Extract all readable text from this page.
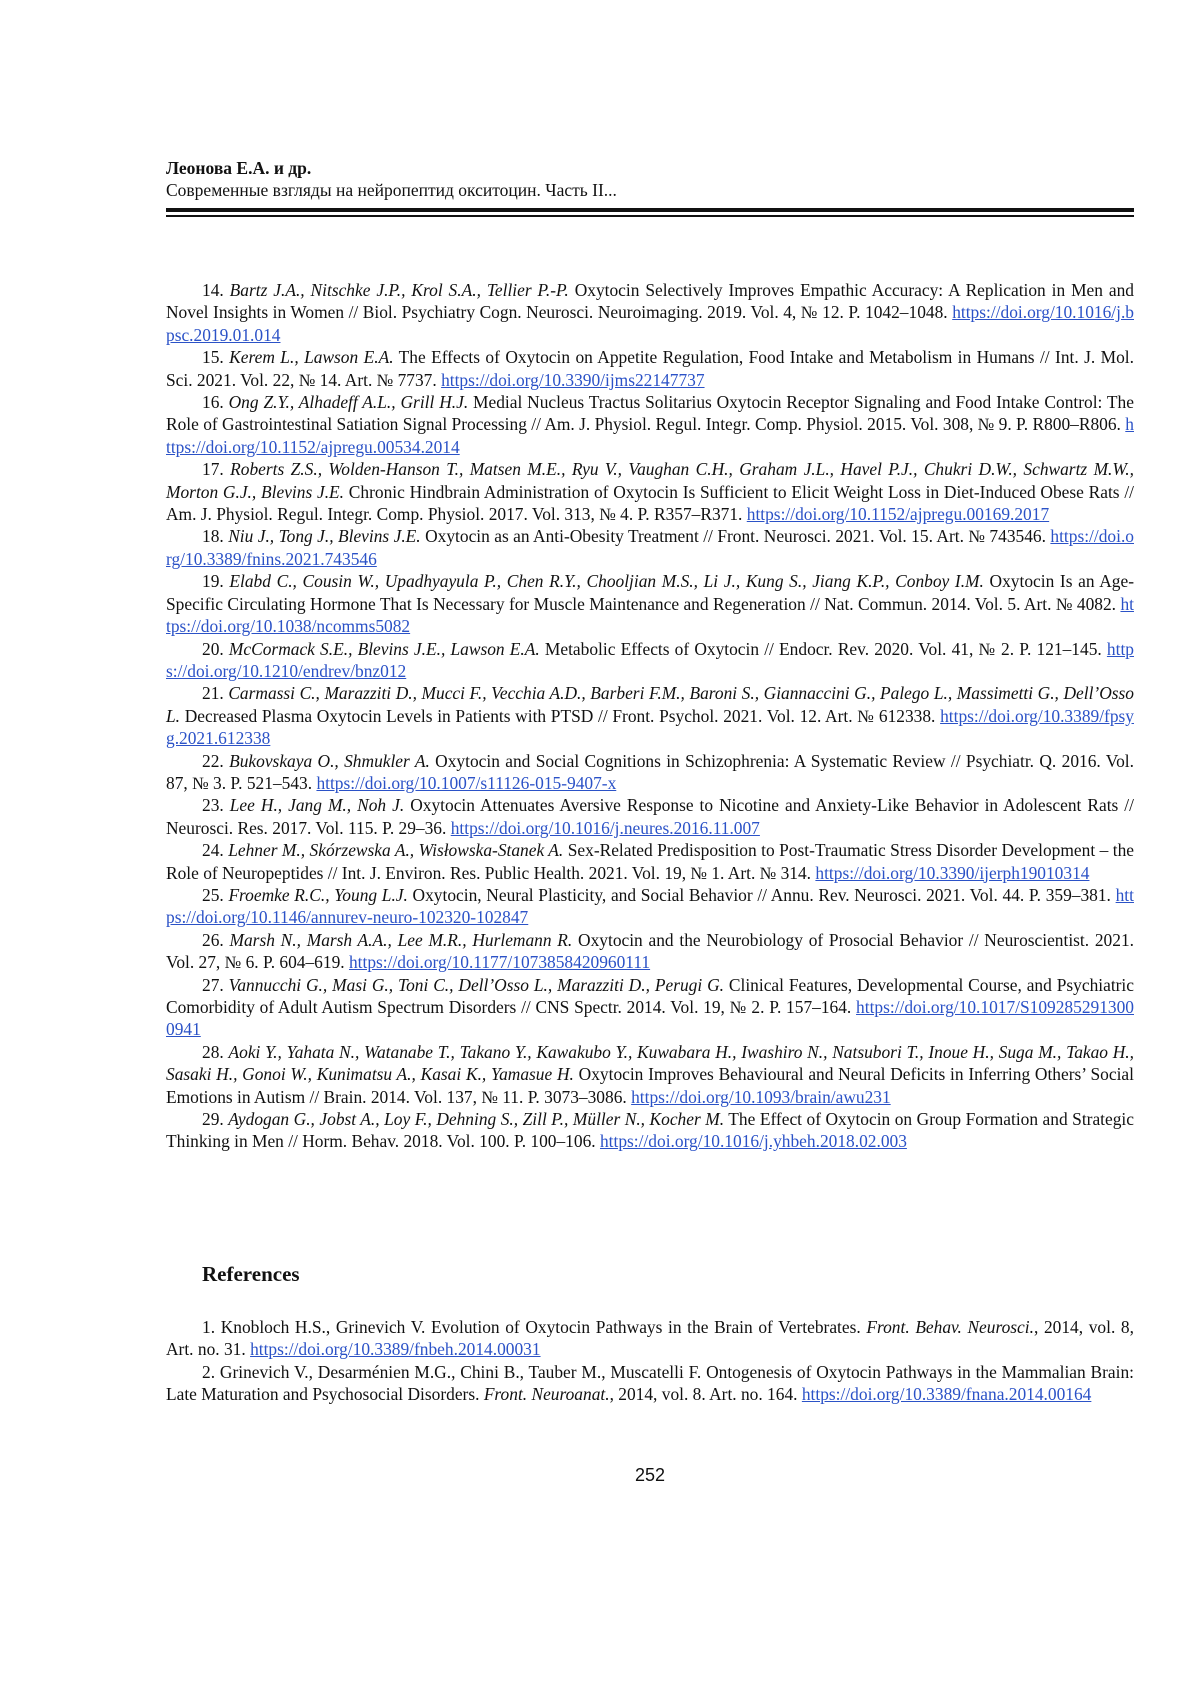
Леонова Е.А. и др.
Современные взгляды на нейропептид окситоцин. Часть II...

14. Bartz J.A., Nitschke J.P., Krol S.A., Tellier P.-P. Oxytocin Selectively Improves Empathic Accuracy: A Replication in Men and Novel Insights in Women // Biol. Psychiatry Cogn. Neurosci. Neuroimaging. 2019. Vol. 4, № 12. P. 1042–1048. https://doi.org/10.1016/j.bpsc.2019.01.014

15. Kerem L., Lawson E.A. The Effects of Oxytocin on Appetite Regulation, Food Intake and Metabolism in Humans // Int. J. Mol. Sci. 2021. Vol. 22, № 14. Art. № 7737. https://doi.org/10.3390/ijms22147737

16. Ong Z.Y., Alhadeff A.L., Grill H.J. Medial Nucleus Tractus Solitarius Oxytocin Receptor Signaling and Food Intake Control: The Role of Gastrointestinal Satiation Signal Processing // Am. J. Physiol. Regul. Integr. Comp. Physiol. 2015. Vol. 308, № 9. P. R800–R806. https://doi.org/10.1152/ajpregu.00534.2014

17. Roberts Z.S., Wolden-Hanson T., Matsen M.E., Ryu V., Vaughan C.H., Graham J.L., Havel P.J., Chukri D.W., Schwartz M.W., Morton G.J., Blevins J.E. Chronic Hindbrain Administration of Oxytocin Is Sufficient to Elicit Weight Loss in Diet-Induced Obese Rats // Am. J. Physiol. Regul. Integr. Comp. Physiol. 2017. Vol. 313, № 4. P. R357–R371. https://doi.org/10.1152/ajpregu.00169.2017

18. Niu J., Tong J., Blevins J.E. Oxytocin as an Anti-Obesity Treatment // Front. Neurosci. 2021. Vol. 15. Art. № 743546. https://doi.org/10.3389/fnins.2021.743546

19. Elabd C., Cousin W., Upadhyayula P., Chen R.Y., Chooljian M.S., Li J., Kung S., Jiang K.P., Conboy I.M. Oxytocin Is an Age-Specific Circulating Hormone That Is Necessary for Muscle Maintenance and Regeneration // Nat. Commun. 2014. Vol. 5. Art. № 4082. https://doi.org/10.1038/ncomms5082

20. McCormack S.E., Blevins J.E., Lawson E.A. Metabolic Effects of Oxytocin // Endocr. Rev. 2020. Vol. 41, № 2. P. 121–145. https://doi.org/10.1210/endrev/bnz012

21. Carmassi C., Marazziti D., Mucci F., Vecchia A.D., Barberi F.M., Baroni S., Giannaccini G., Palego L., Massimetti G., Dell’Osso L. Decreased Plasma Oxytocin Levels in Patients with PTSD // Front. Psychol. 2021. Vol. 12. Art. № 612338. https://doi.org/10.3389/fpsyg.2021.612338

22. Bukovskaya O., Shmukler A. Oxytocin and Social Cognitions in Schizophrenia: A Systematic Review // Psychiatr. Q. 2016. Vol. 87, № 3. P. 521–543. https://doi.org/10.1007/s11126-015-9407-x

23. Lee H., Jang M., Noh J. Oxytocin Attenuates Aversive Response to Nicotine and Anxiety-Like Behavior in Adolescent Rats // Neurosci. Res. 2017. Vol. 115. P. 29–36. https://doi.org/10.1016/j.neures.2016.11.007

24. Lehner M., Skórzewska A., Wisłowska-Stanek A. Sex-Related Predisposition to Post-Traumatic Stress Disorder Development – the Role of Neuropeptides // Int. J. Environ. Res. Public Health. 2021. Vol. 19, № 1. Art. № 314. https://doi.org/10.3390/ijerph19010314

25. Froemke R.C., Young L.J. Oxytocin, Neural Plasticity, and Social Behavior // Annu. Rev. Neurosci. 2021. Vol. 44. P. 359–381. https://doi.org/10.1146/annurev-neuro-102320-102847

26. Marsh N., Marsh A.A., Lee M.R., Hurlemann R. Oxytocin and the Neurobiology of Prosocial Behavior // Neuroscientist. 2021. Vol. 27, № 6. P. 604–619. https://doi.org/10.1177/1073858420960111

27. Vannucchi G., Masi G., Toni C., Dell’Osso L., Marazziti D., Perugi G. Clinical Features, Developmental Course, and Psychiatric Comorbidity of Adult Autism Spectrum Disorders // CNS Spectr. 2014. Vol. 19, № 2. P. 157–164. https://doi.org/10.1017/S1092852913000941

28. Aoki Y., Yahata N., Watanabe T., Takano Y., Kawakubo Y., Kuwabara H., Iwashiro N., Natsubori T., Inoue H., Suga M., Takao H., Sasaki H., Gonoi W., Kunimatsu A., Kasai K., Yamasue H. Oxytocin Improves Behavioural and Neural Deficits in Inferring Others’ Social Emotions in Autism // Brain. 2014. Vol. 137, № 11. P. 3073–3086. https://doi.org/10.1093/brain/awu231

29. Aydogan G., Jobst A., Loy F., Dehning S., Zill P., Müller N., Kocher M. The Effect of Oxytocin on Group Formation and Strategic Thinking in Men // Horm. Behav. 2018. Vol. 100. P. 100–106. https://doi.org/10.1016/j.yhbeh.2018.02.003

References

1. Knobloch H.S., Grinevich V. Evolution of Oxytocin Pathways in the Brain of Vertebrates. Front. Behav. Neurosci., 2014, vol. 8, Art. no. 31. https://doi.org/10.3389/fnbeh.2014.00031

2. Grinevich V., Desarménien M.G., Chini B., Tauber M., Muscatelli F. Ontogenesis of Oxytocin Pathways in the Mammalian Brain: Late Maturation and Psychosocial Disorders. Front. Neuroanat., 2014, vol. 8. Art. no. 164. https://doi.org/10.3389/fnana.2014.00164

252
